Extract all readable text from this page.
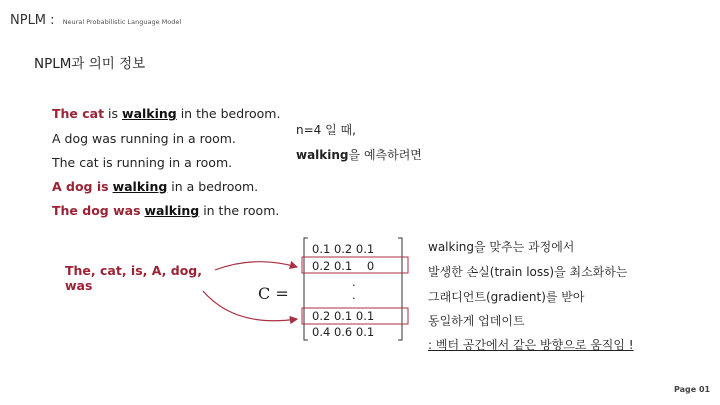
NPLM : Neural Probabilistic Language Model
NPLM과 의미 정보
The cat is walking in the bedroom.
A dog was running in a room.
The cat is running in a room.
A dog is walking in a bedroom.
The dog was walking in the room.
n=4 일 때,
walking을 예측하려면
The, cat, is, A, dog, was	C =
0.1 0.2 0.1
0.2 0.1    0
.
.
0.2 0.1 0.1
0.4 0.6 0.1
walking을 맞추는 과정에서
발생한 손실(train loss)을 최소화하는
그래디언트(gradient)를 받아
동일하게 업데이트
: 벡터 공간에서 같은 방향으로 움직임 !
Page 01
